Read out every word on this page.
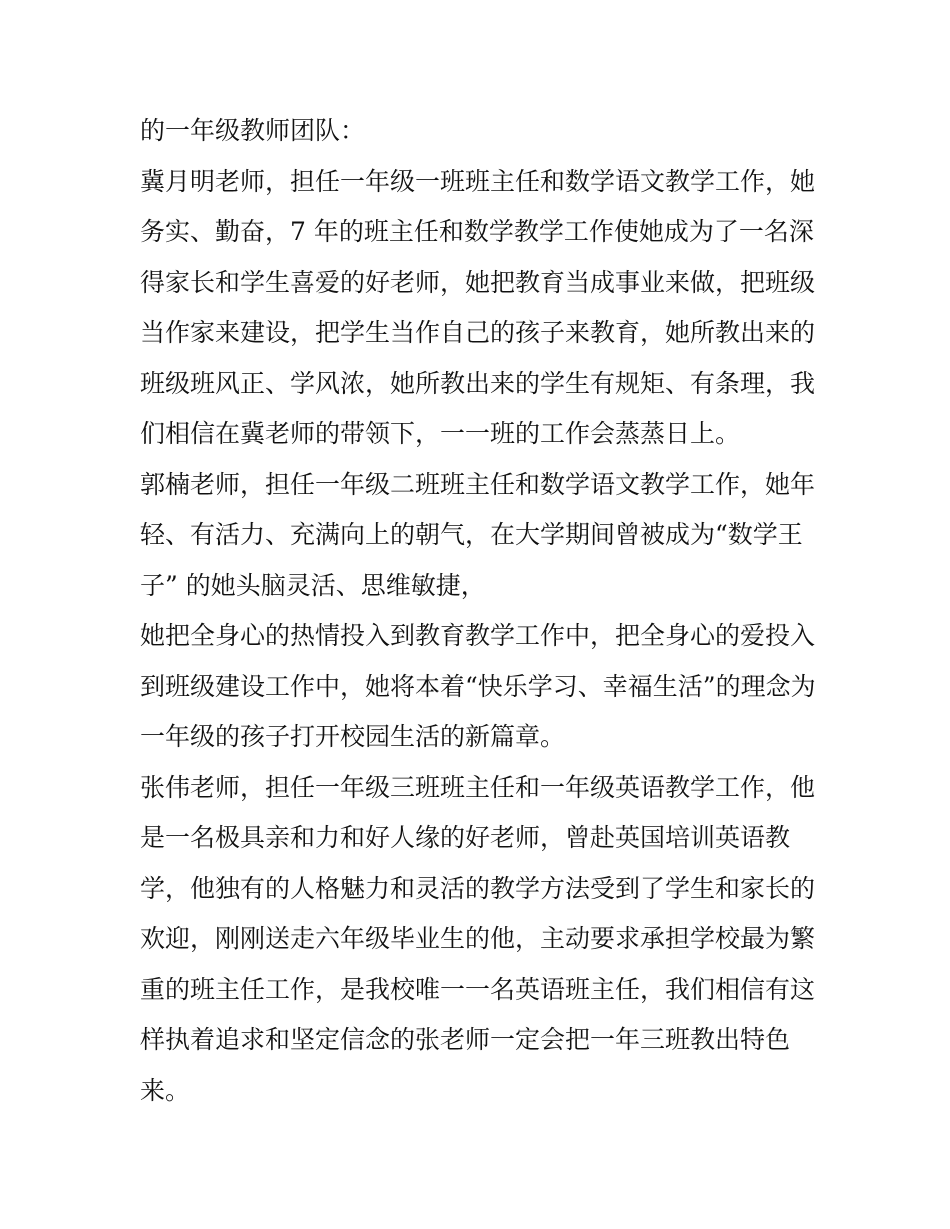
的一年级教师团队：
冀月明老师，担任一年级一班班主任和数学语文教学工作，她
务实、勤奋，7 年的班主任和数学教学工作使她成为了一名深
得家长和学生喜爱的好老师，她把教育当成事业来做，把班级
当作家来建设，把学生当作自己的孩子来教育，她所教出来的
班级班风正、学风浓，她所教出来的学生有规矩、有条理，我
们相信在冀老师的带领下，一一班的工作会蒸蒸日上。
郭楠老师，担任一年级二班班主任和数学语文教学工作，她年
轻、有活力、充满向上的朝气，在大学期间曾被成为“数学王
子” 的她头脑灵活、思维敏捷，
她把全身心的热情投入到教育教学工作中，把全身心的爱投入
到班级建设工作中，她将本着“快乐学习、幸福生活”的理念为
一年级的孩子打开校园生活的新篇章。
张伟老师，担任一年级三班班主任和一年级英语教学工作，他
是一名极具亲和力和好人缘的好老师，曾赴英国培训英语教
学，他独有的人格魅力和灵活的教学方法受到了学生和家长的
欢迎，刚刚送走六年级毕业生的他，主动要求承担学校最为繁
重的班主任工作，是我校唯一一名英语班主任，我们相信有这
样执着追求和坚定信念的张老师一定会把一年三班教出特色
来。
